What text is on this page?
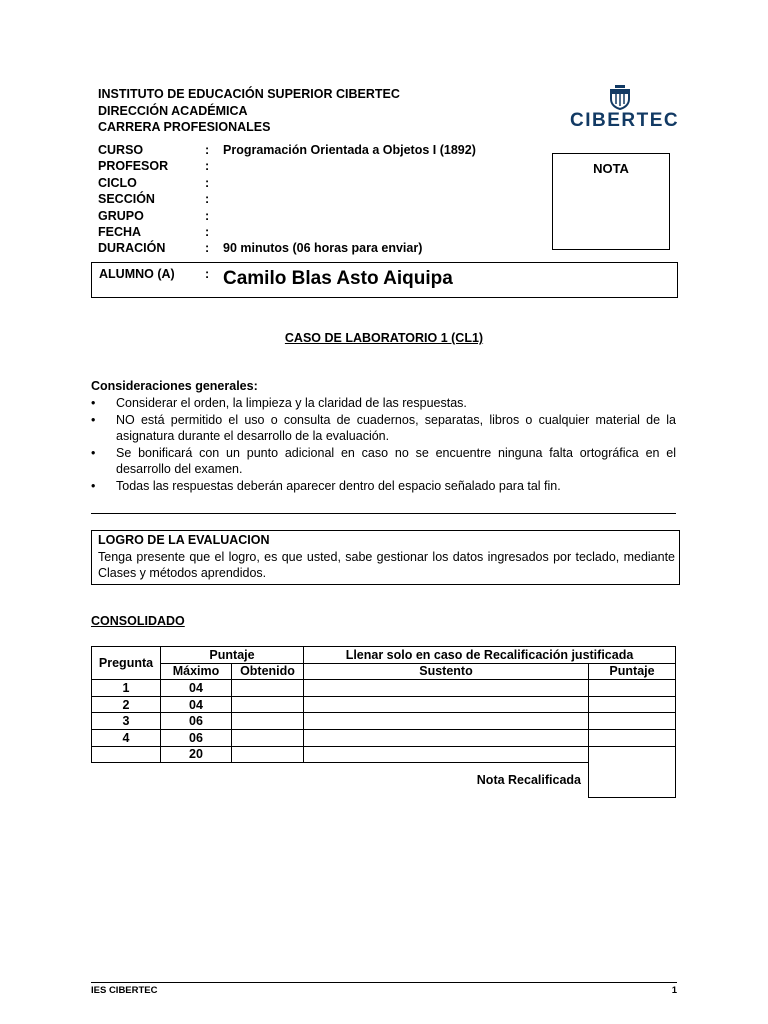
INSTITUTO DE EDUCACIÓN SUPERIOR CIBERTEC
DIRECCIÓN ACADÉMICA
CARRERA PROFESIONALES	CIBERTEC
CURSO	:	Programación Orientada a Objetos I (1892)
PROFESOR	:
CICLO	:
SECCIÓN	:
GRUPO	:
FECHA	:
DURACIÓN	:	90 minutos (06 horas para enviar)
NOTA
ALUMNO (A) : Camilo Blas Asto Aiquipa
CASO DE LABORATORIO 1 (CL1)
Consideraciones generales:
•	Considerar el orden, la limpieza y la claridad de las respuestas.
•	NO está permitido el uso o consulta de cuadernos, separatas, libros o cualquier material de la asignatura durante el desarrollo de la evaluación.
•	Se bonificará con un punto adicional en caso no se encuentre ninguna falta ortográfica en el desarrollo del examen.
•	Todas las respuestas deberán aparecer dentro del espacio señalado para tal fin.
LOGRO DE LA EVALUACION
Tenga presente que el logro, es que usted, sabe gestionar los datos ingresados por teclado, mediante Clases y métodos aprendidos.
CONSOLIDADO
Pregunta	Puntaje		Llenar solo en caso de Recalificación justificada	
	Máximo	Obtenido	Sustento	Puntaje
1	04			
2	04			
3	06			
4	06			
	20			
Nota Recalificada				
IES CIBERTEC	1
